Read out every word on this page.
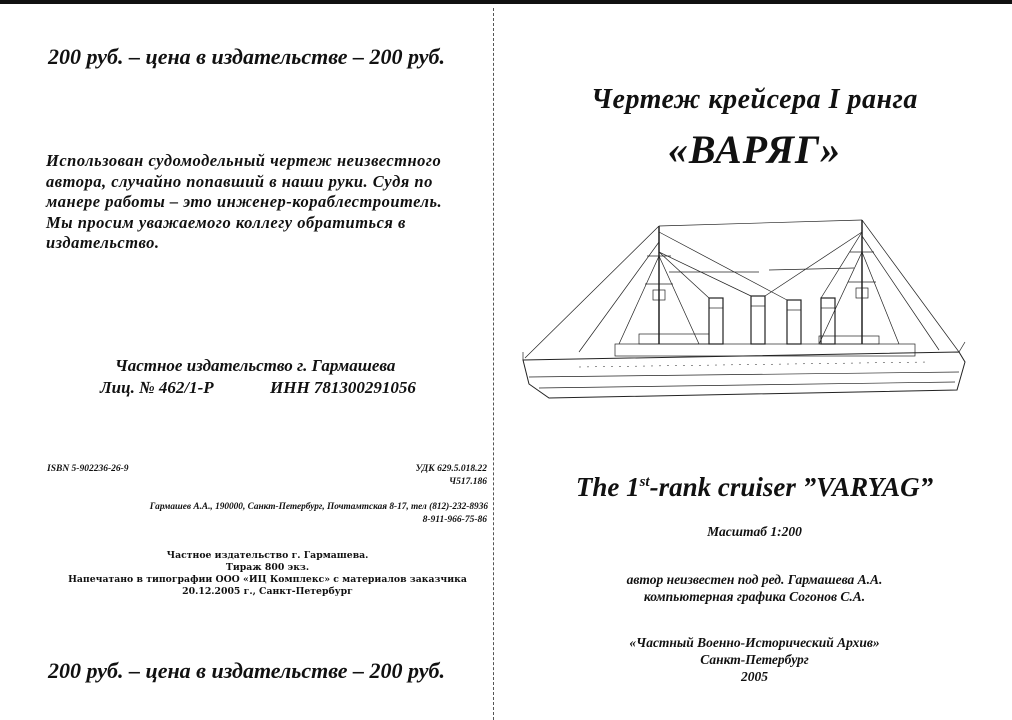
200 руб. – цена в издательстве – 200 руб.
Использован судомодельный чертеж неизвестного
автора, случайно попавший в наши руки. Судя по
манере работы – это инженер-кораблестроитель.
Мы просим уважаемого коллегу обратиться в
издательство.
Частное издательство г. Гармашева
Лиц. № 462/1-Р	ИНН 781300291056
ISBN 5-902236-26-9	УДК 629.5.018.22
Ч517.186
Гармашев А.А., 190000, Санкт-Петербург, Почтамтская 8-17, тел (812)-232-8936
8-911-966-75-86
Частное издательство г. Гармашева.
Тираж 800 экз.
Напечатано в типографии ООО «ИЦ Комплекс» с материалов заказчика
20.12.2005 г., Санкт-Петербург
200 руб. – цена в издательстве – 200 руб.
Чертеж крейсера I ранга
«ВАРЯГ»
The 1st-rank cruiser ”VARYAG”
Масштаб 1:200
автор неизвестен под ред. Гармашева А.А.
компьютерная графика Согонов С.А.
«Частный Военно-Исторический Архив»
Санкт-Петербург
2005
